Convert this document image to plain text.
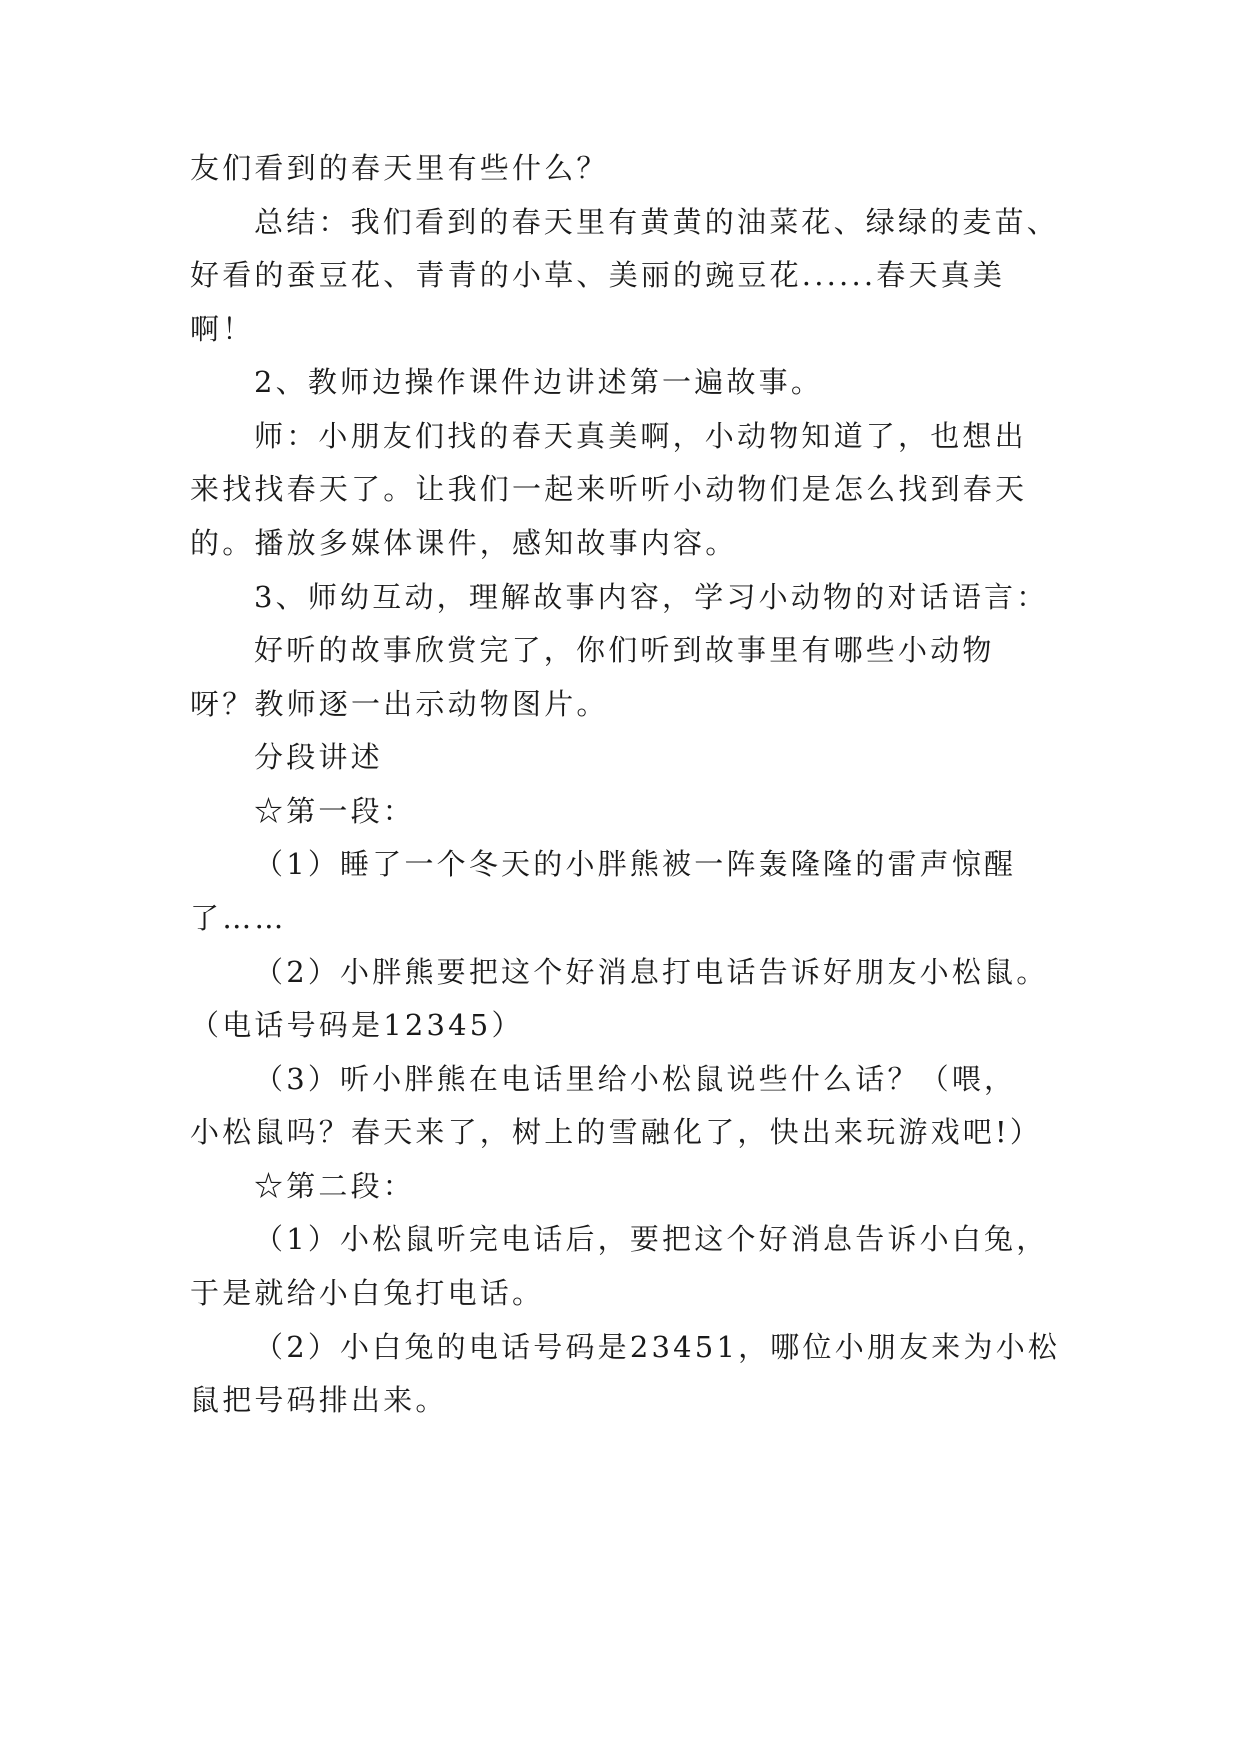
友们看到的春天里有些什么？
总结：我们看到的春天里有黄黄的油菜花、绿绿的麦苗、
好看的蚕豆花、青青的小草、美丽的豌豆花......春天真美
啊！
2、教师边操作课件边讲述第一遍故事。
师：小朋友们找的春天真美啊，小动物知道了，也想出
来找找春天了。让我们一起来听听小动物们是怎么找到春天
的。播放多媒体课件，感知故事内容。
3、师幼互动，理解故事内容，学习小动物的对话语言：
好听的故事欣赏完了，你们听到故事里有哪些小动物
呀？教师逐一出示动物图片。
分段讲述
☆第一段：
（1）睡了一个冬天的小胖熊被一阵轰隆隆的雷声惊醒
了……
（2）小胖熊要把这个好消息打电话告诉好朋友小松鼠。
（电话号码是12345）
（3）听小胖熊在电话里给小松鼠说些什么话？（喂，
小松鼠吗？春天来了，树上的雪融化了，快出来玩游戏吧!）
☆第二段：
（1）小松鼠听完电话后，要把这个好消息告诉小白兔，
于是就给小白兔打电话。
（2）小白兔的电话号码是23451，哪位小朋友来为小松
鼠把号码排出来。
